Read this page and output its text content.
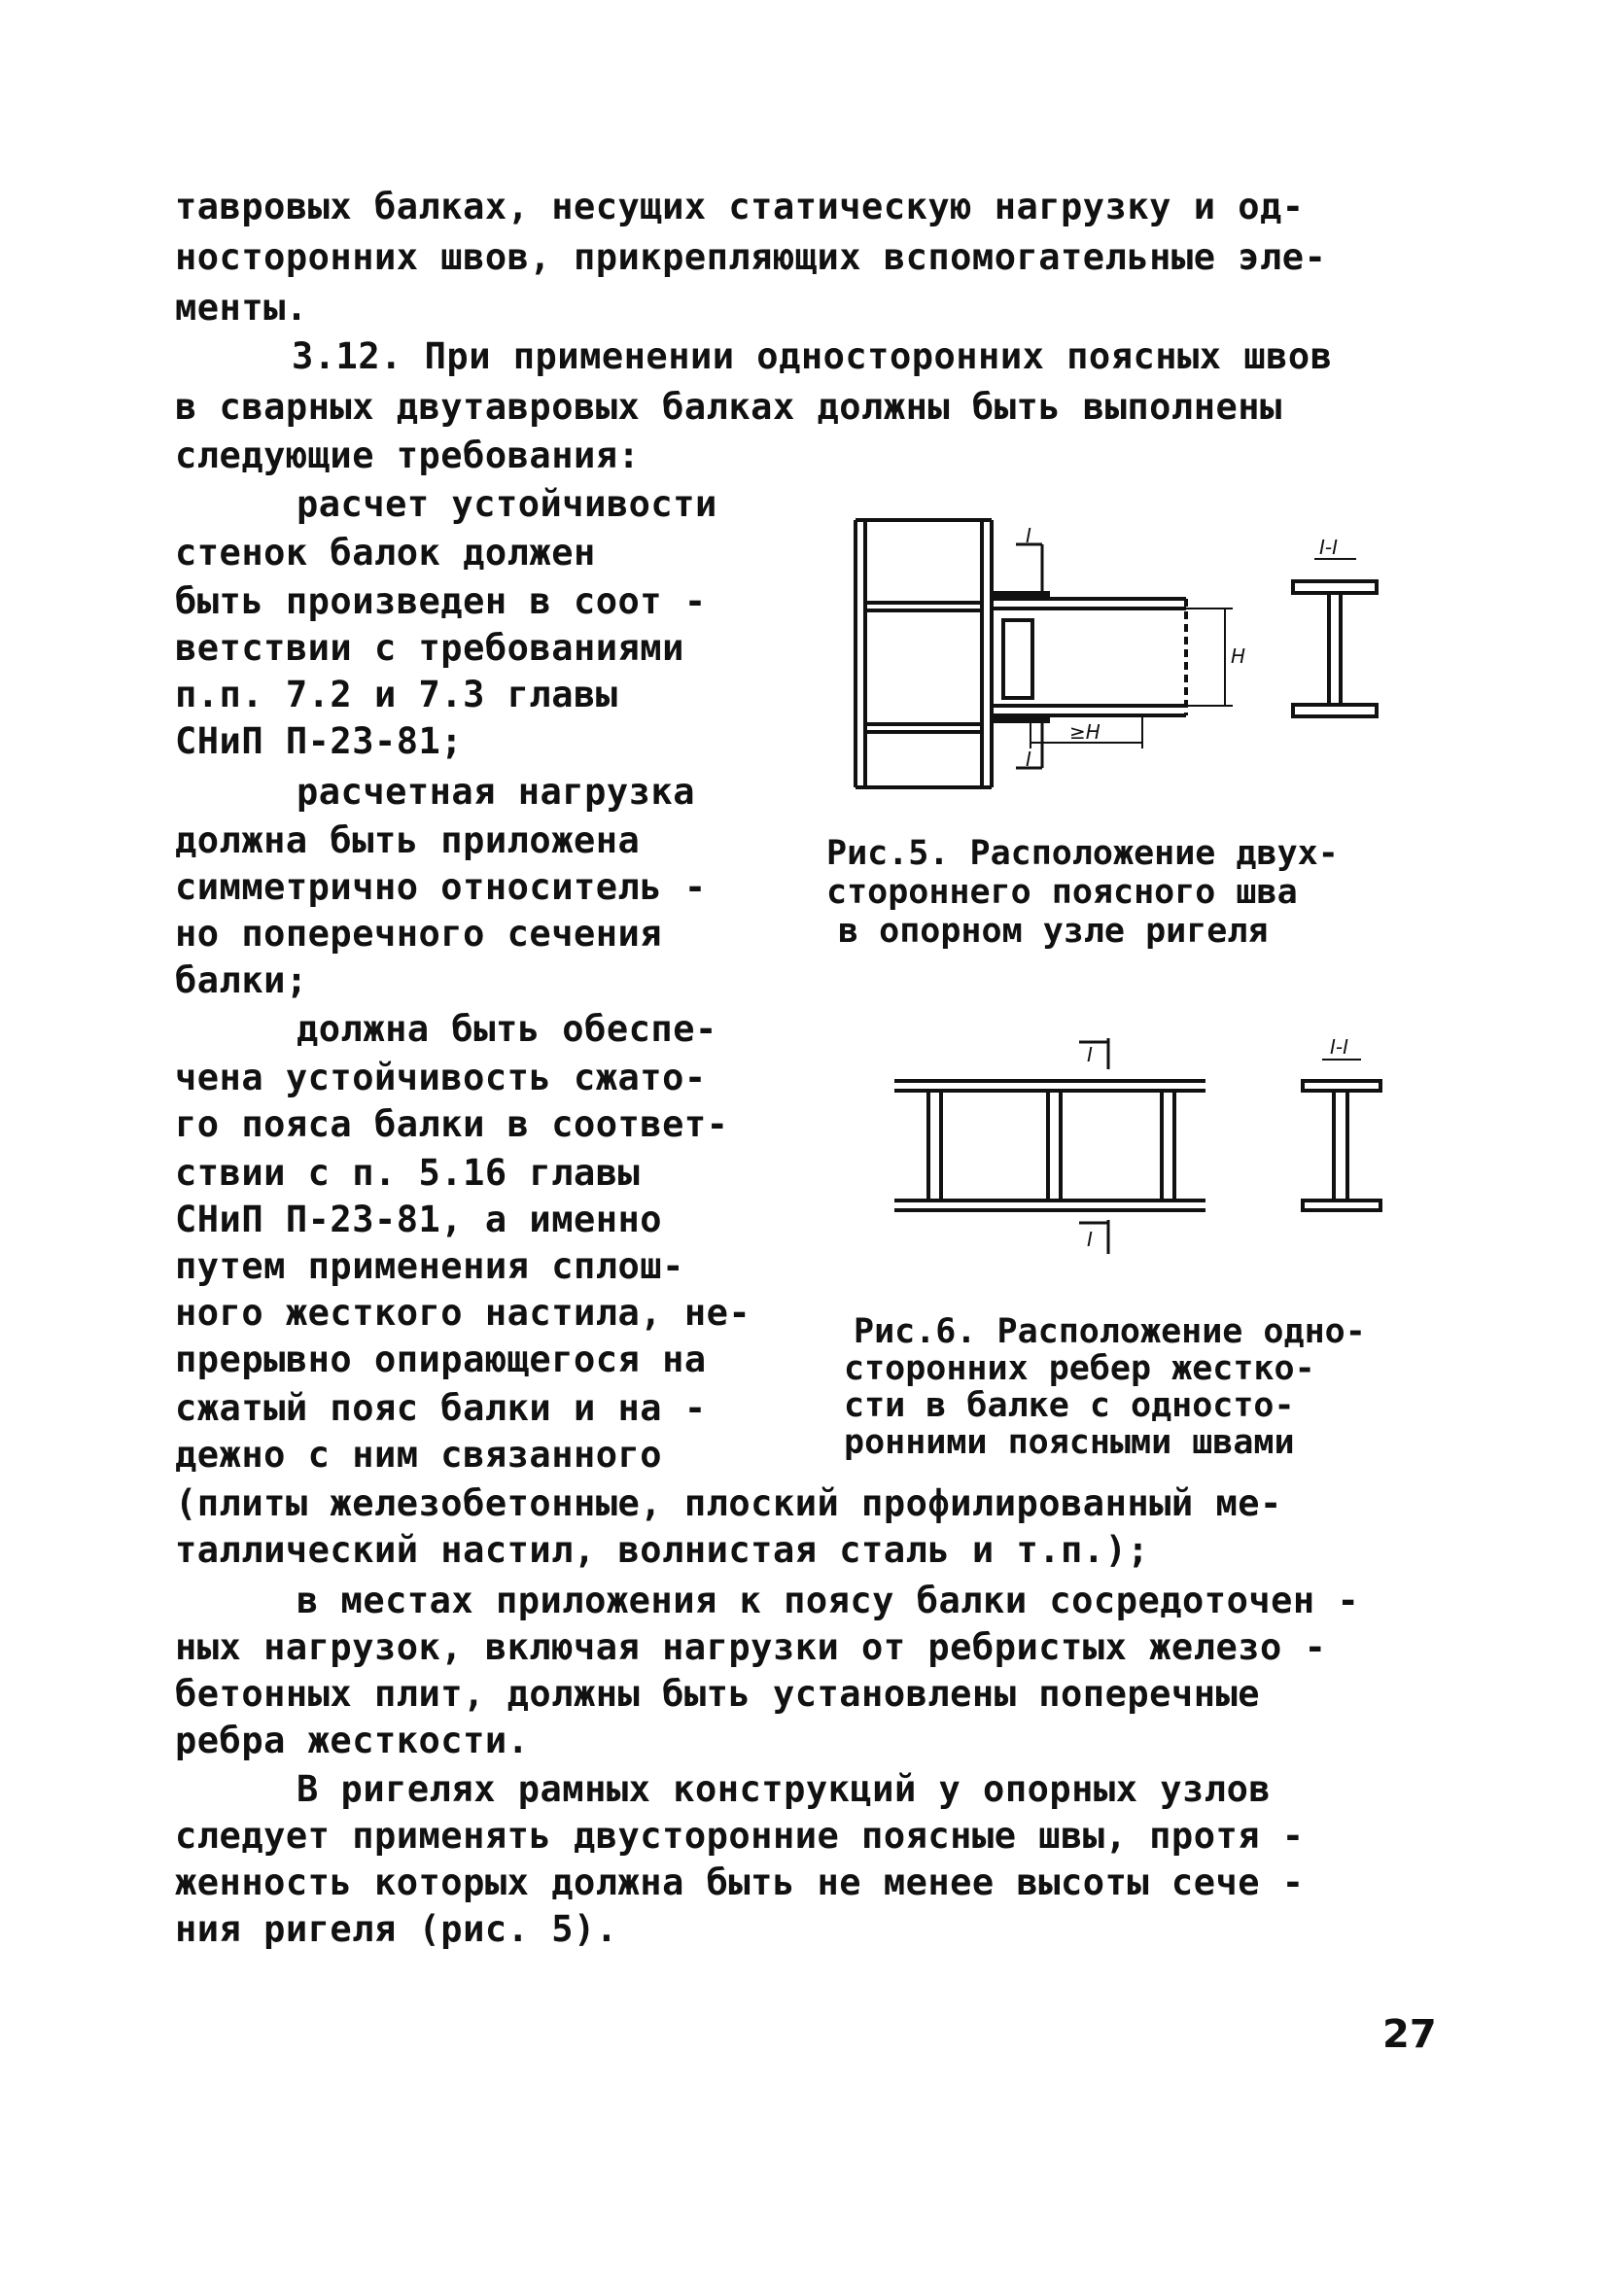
тавровых балках, несущих статическую нагрузку и од-
носторонних швов, прикрепляющих вспомогательные эле-
менты.
3.12. При применении односторонних поясных швов
в сварных двутавровых балках должны быть выполнены
следующие требования:
расчет устойчивости
стенок балок должен
быть произведен в соот -
ветствии с требованиями
п.п. 7.2 и 7.3 главы
СНиП П-23-81;
расчетная нагрузка
должна быть приложена
симметрично относитель -
но поперечного сечения
балки;
должна быть обеспе-
чена устойчивость сжато-
го пояса балки в соответ-
ствии с п. 5.16 главы
СНиП П-23-81, а именно
путем применения сплош-
ного жесткого настила, не-
прерывно опирающегося на
сжатый пояс балки и на -
дежно с ним связанного
(плиты железобетонные, плоский профилированный ме-
таллический настил, волнистая сталь и т.п.);
в местах приложения к поясу балки сосредоточен -
ных нагрузок, включая нагрузки от ребристых железо -
бетонных плит, должны быть установлены поперечные
ребра жесткости.
В ригелях рамных конструкций у опорных узлов
следует применять двусторонние поясные швы, протя -
женность которых должна быть не менее высоты сече -
ния ригеля (рис. 5).
I
I
H
≥H
I-I
Рис.5. Расположение двух-
стороннего поясного шва
в опорном узле ригеля
I
I
I-I
Рис.6. Расположение одно-
сторонних ребер жестко-
сти в балке с односто-
ронними поясными швами
27
